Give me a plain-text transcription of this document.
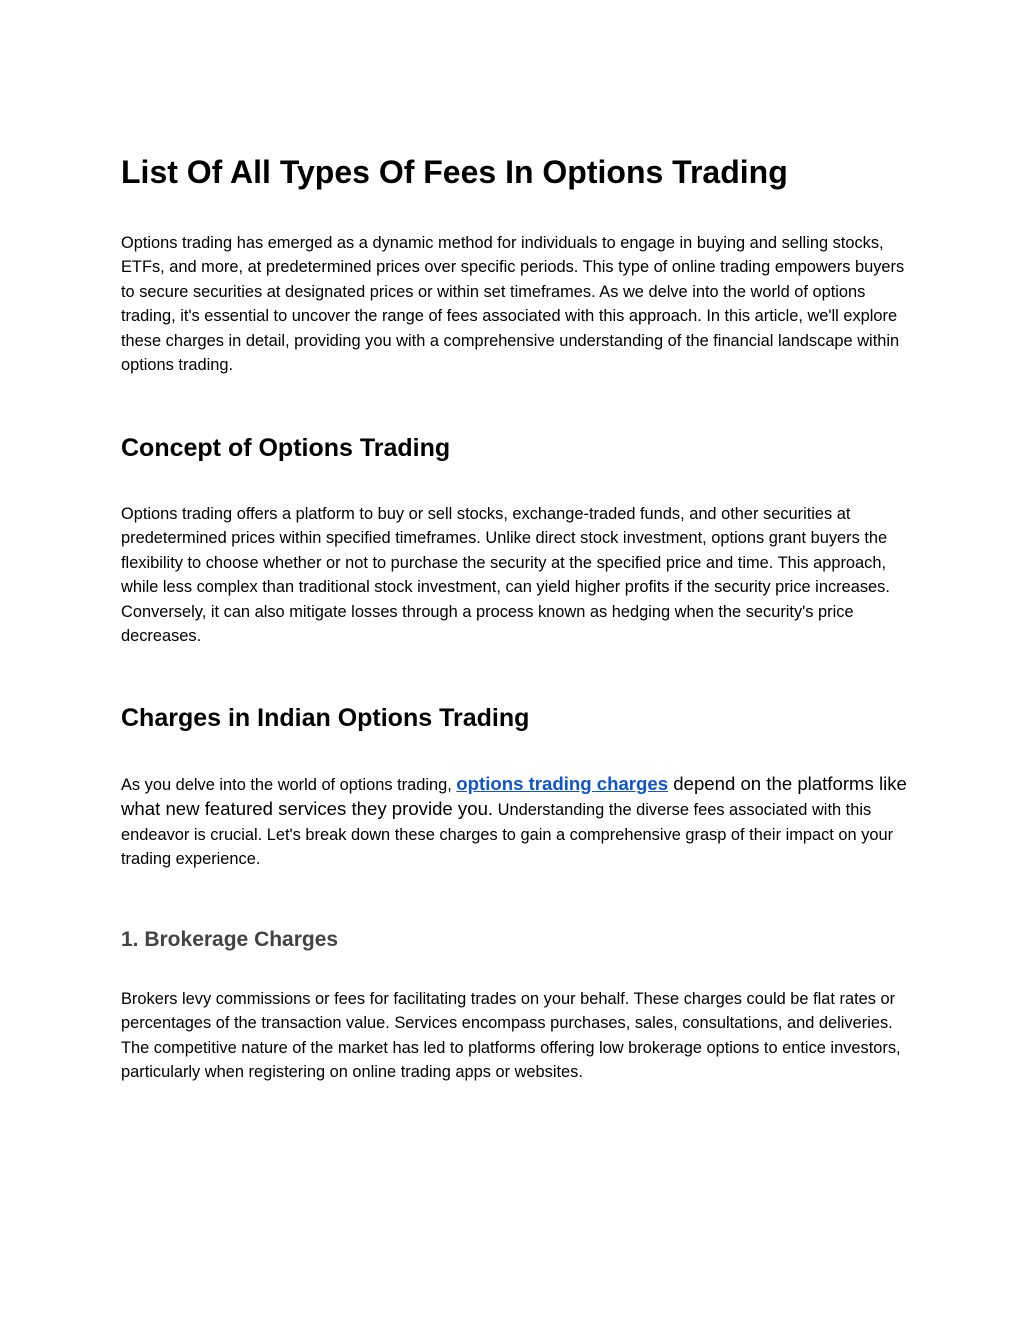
List Of All Types Of Fees In Options Trading

Options trading has emerged as a dynamic method for individuals to engage in buying and selling stocks, ETFs, and more, at predetermined prices over specific periods. This type of online trading empowers buyers to secure securities at designated prices or within set timeframes. As we delve into the world of options trading, it's essential to uncover the range of fees associated with this approach. In this article, we'll explore these charges in detail, providing you with a comprehensive understanding of the financial landscape within options trading.

Concept of Options Trading

Options trading offers a platform to buy or sell stocks, exchange-traded funds, and other securities at predetermined prices within specified timeframes. Unlike direct stock investment, options grant buyers the flexibility to choose whether or not to purchase the security at the specified price and time. This approach, while less complex than traditional stock investment, can yield higher profits if the security price increases. Conversely, it can also mitigate losses through a process known as hedging when the security's price decreases.

Charges in Indian Options Trading

As you delve into the world of options trading, options trading charges depend on the platforms like what new featured services they provide you. Understanding the diverse fees associated with this endeavor is crucial. Let's break down these charges to gain a comprehensive grasp of their impact on your trading experience.

1. Brokerage Charges

Brokers levy commissions or fees for facilitating trades on your behalf. These charges could be flat rates or percentages of the transaction value. Services encompass purchases, sales, consultations, and deliveries. The competitive nature of the market has led to platforms offering low brokerage options to entice investors, particularly when registering on online trading apps or websites.
